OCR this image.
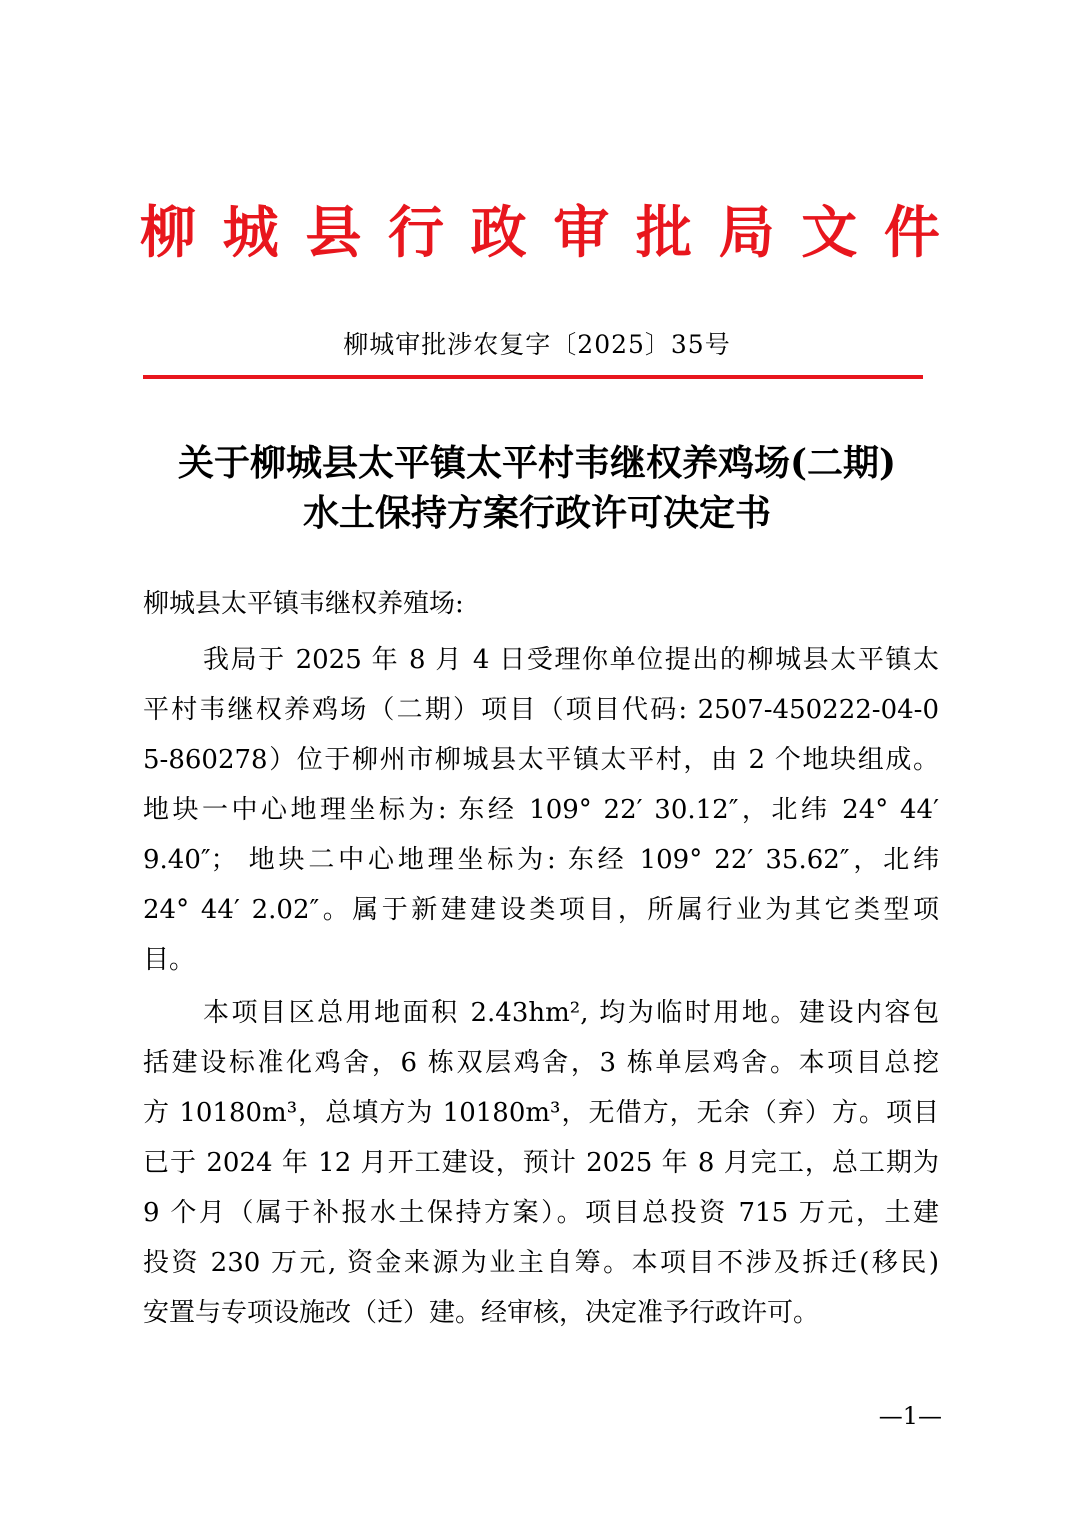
柳 城 县 行 政 审 批 局 文 件
柳城审批涉农复字〔2025〕35号
关于柳城县太平镇太平村韦继权养鸡场(二期)
水土保持方案行政许可决定书
柳城县太平镇韦继权养殖场:
我局于 2025 年 8 月 4 日受理你单位提出的柳城县太平镇太
平村韦继权养鸡场（二期）项目（项目代码: 2507-450222-04-0
5-860278）位于柳州市柳城县太平镇太平村，由 2 个地块组成。
地块一中心地理坐标为: 东经 109° 22′ 30.12″，北纬 24° 44′
9.40″； 地块二中心地理坐标为: 东经 109° 22′ 35.62″，北纬
24° 44′ 2.02″。属于新建建设类项目，所属行业为其它类型项
目。
本项目区总用地面积 2.43hm², 均为临时用地。建设内容包
括建设标准化鸡舍，6 栋双层鸡舍，3 栋单层鸡舍。本项目总挖
方 10180m³，总填方为 10180m³，无借方，无余（弃）方。项目
已于 2024 年 12 月开工建设，预计 2025 年 8 月完工，总工期为
9 个月（属于补报水土保持方案）。项目总投资 715 万元，土建
投资 230 万元, 资金来源为业主自筹。本项目不涉及拆迁(移民)
安置与专项设施改（迁）建。经审核，决定准予行政许可。
—1—
